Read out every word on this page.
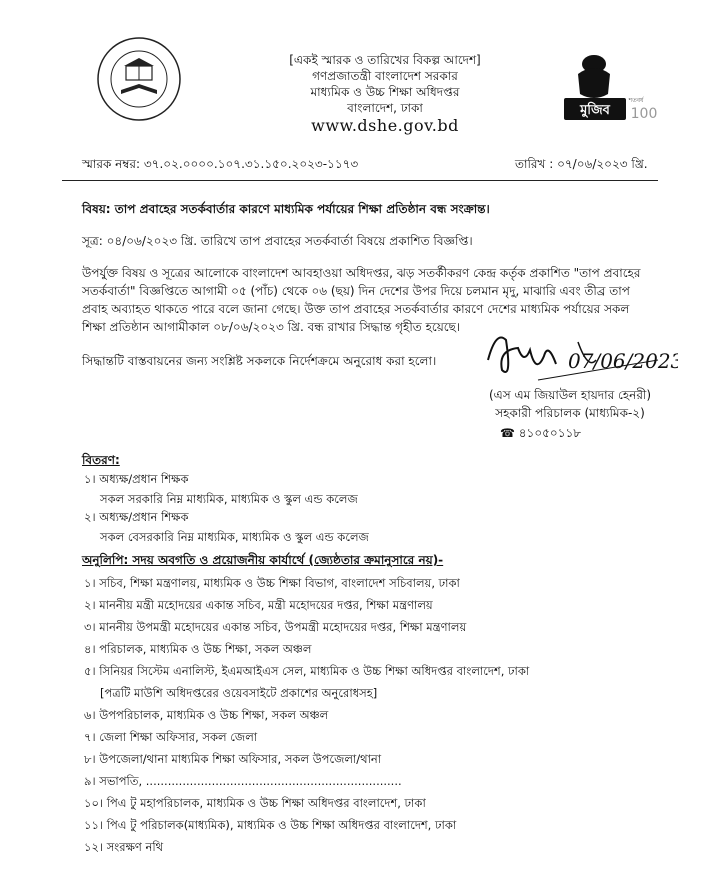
[একই স্মারক ও তারিখের বিকল্প আদেশ]
গণপ্রজাতন্ত্রী বাংলাদেশ সরকার
মাধ্যমিক ও উচ্চ শিক্ষা অধিদপ্তর
বাংলাদেশ, ঢাকা
www.dshe.gov.bd
মুজিব 100
শতবর্ষ
স্মারক নম্বর: ৩৭.০২.০০০০.১০৭.৩১.১৫০.২০২৩-১১৭৩	তারিখ : ০৭/০৬/২০২৩ খ্রি.
বিষয়: তাপ প্রবাহের সতর্কবার্তার কারণে মাধ্যমিক পর্যায়ের শিক্ষা প্রতিষ্ঠান বন্ধ সংক্রান্ত।
সূত্র: ০৪/০৬/২০২৩ খ্রি. তারিখে তাপ প্রবাহের সতর্কবার্তা বিষয়ে প্রকাশিত বিজ্ঞপ্তি।
উপর্যুক্ত বিষয় ও সূত্রের আলোকে বাংলাদেশ আবহাওয়া অধিদপ্তর, ঝড় সতর্কীকরণ কেন্দ্র কর্তৃক প্রকাশিত "তাপ প্রবাহের
সতর্কবার্তা" বিজ্ঞপ্তিতে আগামী ০৫ (পাঁচ) থেকে ০৬ (ছয়) দিন দেশের উপর দিয়ে চলমান মৃদু, মাঝারি এবং তীব্র তাপ
প্রবাহ অব্যাহত থাকতে পারে বলে জানা গেছে। উক্ত তাপ প্রবাহের সতর্কবার্তার কারণে দেশের মাধ্যমিক পর্যায়ের সকল
শিক্ষা প্রতিষ্ঠান আগামীকাল ০৮/০৬/২০২৩ খ্রি. বন্ধ রাখার সিদ্ধান্ত গৃহীত হয়েছে।
সিদ্ধান্তটি বাস্তবায়নের জন্য সংশ্লিষ্ট সকলকে নির্দেশক্রমে অনুরোধ করা হলো।	07/06/2023
(এস এম জিয়াউল হায়দার হেনরী)
সহকারী পরিচালক (মাধ্যমিক-২)
☎ ৪১০৫০১১৮
বিতরণ:
১। অধ্যক্ষ/প্রধান শিক্ষক
সকল সরকারি নিম্ন মাধ্যমিক, মাধ্যমিক ও স্কুল এন্ড কলেজ
২। অধ্যক্ষ/প্রধান শিক্ষক
সকল বেসরকারি নিম্ন মাধ্যমিক, মাধ্যমিক ও স্কুল এন্ড কলেজ
অনুলিপি: সদয় অবগতি ও প্রয়োজনীয় কার্যার্থে (জ্যেষ্ঠতার ক্রমানুসারে নয়)-
১। সচিব, শিক্ষা মন্ত্রণালয়, মাধ্যমিক ও উচ্চ শিক্ষা বিভাগ, বাংলাদেশ সচিবালয়, ঢাকা
২। মাননীয় মন্ত্রী মহোদয়ের একান্ত সচিব, মন্ত্রী মহোদয়ের দপ্তর, শিক্ষা মন্ত্রণালয়
৩। মাননীয় উপমন্ত্রী মহোদয়ের একান্ত সচিব, উপমন্ত্রী মহোদয়ের দপ্তর, শিক্ষা মন্ত্রণালয়
৪। পরিচালক, মাধ্যমিক ও উচ্চ শিক্ষা, সকল অঞ্চল
৫। সিনিয়র সিস্টেম এনালিস্ট, ইএমআইএস সেল, মাধ্যমিক ও উচ্চ শিক্ষা অধিদপ্তর বাংলাদেশ, ঢাকা
[পত্রটি মাউশি অধিদপ্তরের ওয়েবসাইটে প্রকাশের অনুরোধসহ]
৬। উপপরিচালক, মাধ্যমিক ও উচ্চ শিক্ষা, সকল অঞ্চল
৭। জেলা শিক্ষা অফিসার, সকল জেলা
৮। উপজেলা/থানা মাধ্যমিক শিক্ষা অফিসার, সকল উপজেলা/থানা
৯। সভাপতি, ......................................................................
১০। পিএ টু মহাপরিচালক, মাধ্যমিক ও উচ্চ শিক্ষা অধিদপ্তর বাংলাদেশ, ঢাকা
১১। পিএ টু পরিচালক(মাধ্যমিক), মাধ্যমিক ও উচ্চ শিক্ষা অধিদপ্তর বাংলাদেশ, ঢাকা
১২। সংরক্ষণ নথি
